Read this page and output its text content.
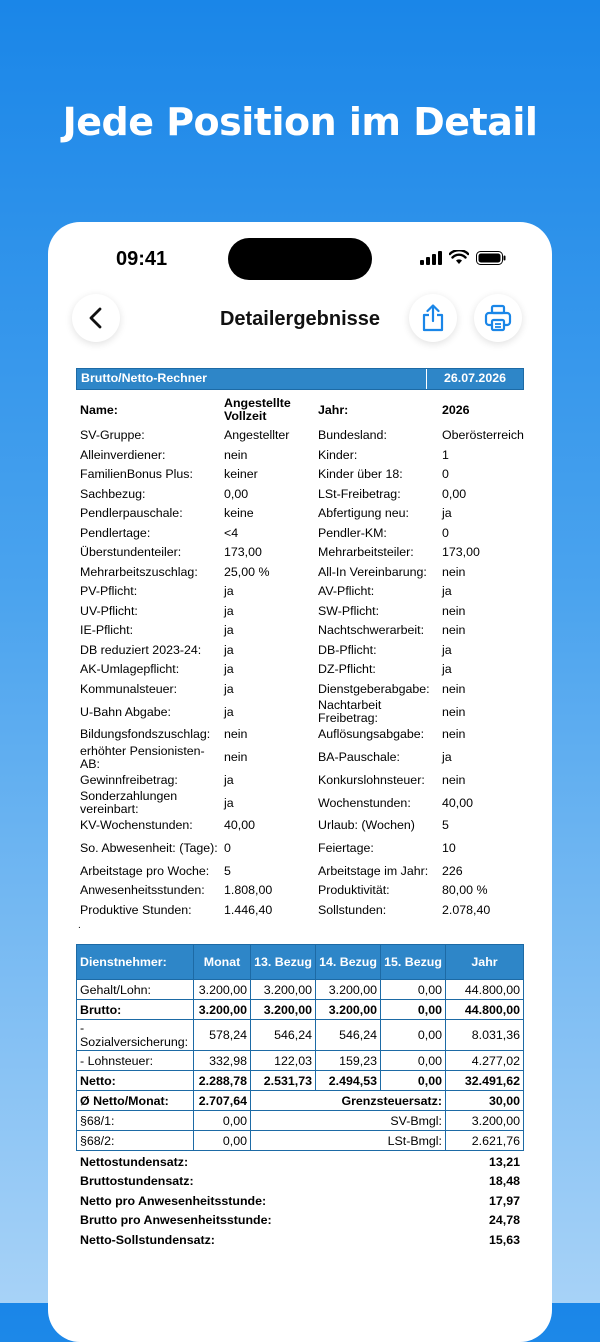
Jede Position im Detail
09:41
Detailergebnisse
Brutto/Netto-Rechner	26.07.2026
Name:	Angestellte Vollzeit	Jahr:	2026
SV-Gruppe:	Angestellter	Bundesland:	Oberösterreich
Alleinverdiener:	nein	Kinder:	1
FamilienBonus Plus:	keiner	Kinder über 18:	0
Sachbezug:	0,00	LSt-Freibetrag:	0,00
Pendlerpauschale:	keine	Abfertigung neu:	ja
Pendlertage:	<4	Pendler-KM:	0
Überstundenteiler:	173,00	Mehrarbeitsteiler:	173,00
Mehrarbeitszuschlag:	25,00 %	All-In Vereinbarung:	nein
PV-Pflicht:	ja	AV-Pflicht:	ja
UV-Pflicht:	ja	SW-Pflicht:	nein
IE-Pflicht:	ja	Nachtschwerarbeit:	nein
DB reduziert 2023-24:	ja	DB-Pflicht:	ja
AK-Umlagepflicht:	ja	DZ-Pflicht:	ja
Kommunalsteuer:	ja	Dienstgeberabgabe:	nein
U-Bahn Abgabe:	ja	Nachtarbeit Freibetrag:	nein
Bildungsfondszuschlag:	nein	Auflösungsabgabe:	nein
erhöhter Pensionisten-AB:	nein	BA-Pauschale:	ja
Gewinnfreibetrag:	ja	Konkurslohnsteuer:	nein
Sonderzahlungen vereinbart:	ja	Wochenstunden:	40,00
KV-Wochenstunden:	40,00	Urlaub: (Wochen)	5
So. Abwesenheit: (Tage):	0	Feiertage:	10
Arbeitstage pro Woche:	5	Arbeitstage im Jahr:	226
Anwesenheitsstunden:	1.808,00	Produktivität:	80,00 %
Produktive Stunden:	1.446,40	Sollstunden:	2.078,40
.
Dienstnehmer:	Monat	13. Bezug	14. Bezug	15. Bezug	Jahr
Gehalt/Lohn:	3.200,00	3.200,00	3.200,00	0,00	44.800,00
Brutto:	3.200,00	3.200,00	3.200,00	0,00	44.800,00
- Sozialversicherung:	578,24	546,24	546,24	0,00	8.031,36
- Lohnsteuer:	332,98	122,03	159,23	0,00	4.277,02
Netto:	2.288,78	2.531,73	2.494,53	0,00	32.491,62
Ø Netto/Monat:	2.707,64	Grenzsteuersatz:			30,00
§68/1:	0,00	SV-Bmgl:			3.200,00
§68/2:	0,00	LSt-Bmgl:			2.621,76
Nettostundensatz:	13,21
Bruttostundensatz:	18,48
Netto pro Anwesenheitsstunde:	17,97
Brutto pro Anwesenheitsstunde:	24,78
Netto-Sollstundensatz:	15,63
